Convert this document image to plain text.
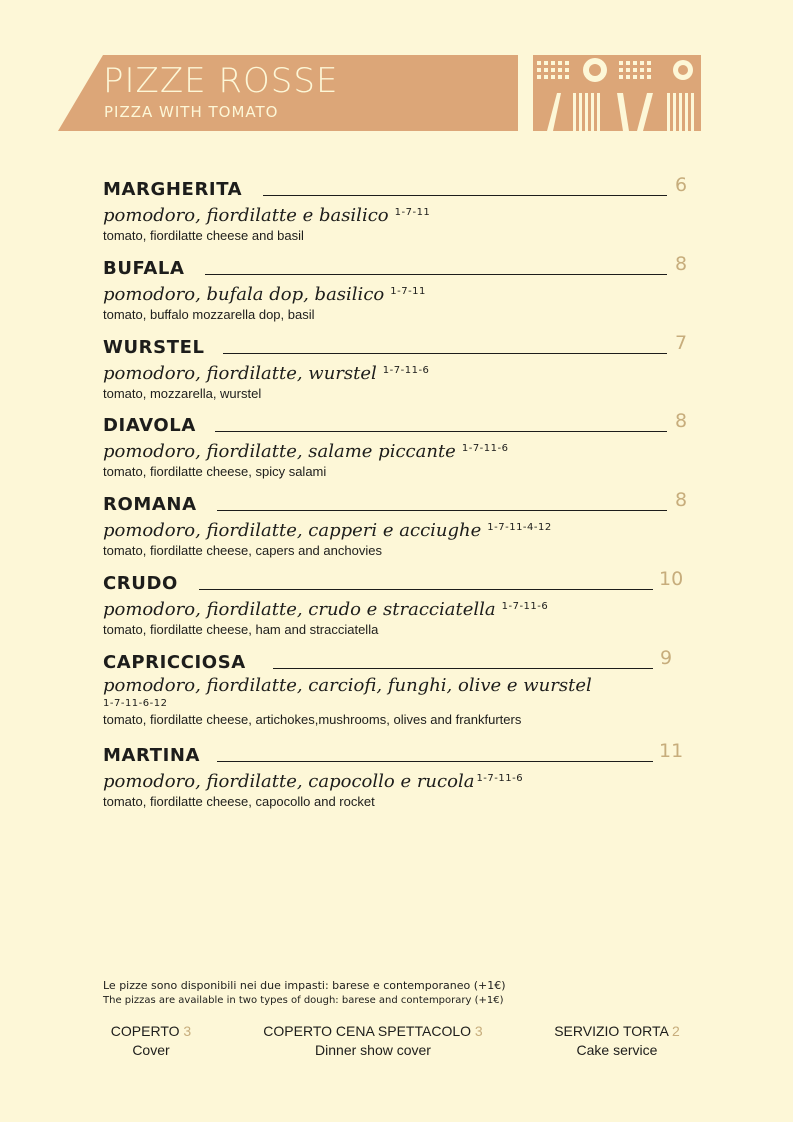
PIZZE ROSSE
PIZZA WITH TOMATO
MARGHERITA	6
pomodoro, fiordilatte e basilico $^{1-7-11}$
tomato, fiordilatte cheese and basil
BUFALA	8
pomodoro, bufala dop, basilico $^{1-7-11}$
tomato, buffalo mozzarella dop, basil
WURSTEL	7
pomodoro, fiordilatte, wurstel $^{1-7-11-6}$
tomato, mozzarella, wurstel
DIAVOLA	8
pomodoro, fiordilatte, salame piccante $^{1-7-11-6}$
tomato, fiordilatte cheese, spicy salami
ROMANA	8
pomodoro, fiordilatte, capperi e acciughe $^{1-7-11-4-12}$
tomato, fiordilatte cheese, capers and anchovies
CRUDO	10
pomodoro, fiordilatte, crudo e stracciatella $^{1-7-11-6}$
tomato, fiordilatte cheese, ham and stracciatella
CAPRICCIOSA	9
pomodoro, fiordilatte, carciofi, funghi, olive e wurstel
1-7-11-6-12
tomato, fiordilatte cheese, artichokes,mushrooms, olives and frankfurters
MARTINA	11
pomodoro, fiordilatte, capocollo e rucola $^{1-7-11-6}$
tomato, fiordilatte cheese, capocollo and rocket
Le pizze sono disponibili nei due impasti: barese e contemporaneo (+1€)
The pizzas are available in two types of dough: barese and contemporary (+1€)
COPERTO 3
Cover
COPERTO CENA SPETTACOLO 3
Dinner show cover
SERVIZIO TORTA 2
Cake service
